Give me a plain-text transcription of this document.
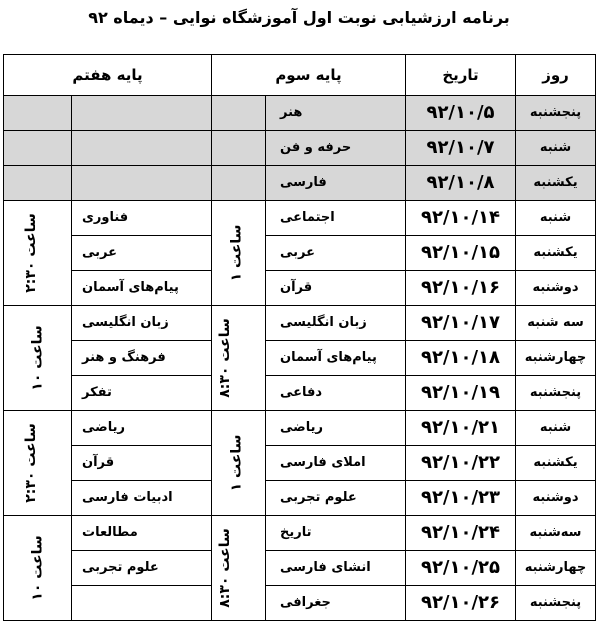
برنامه ارزشیابی نوبت اول آموزشگاه نوایی – دیماه ۹۲
روز	تاریخ	پایه سوم		پایه هفتم	
پنجشنبه	۹۲/۱۰/۵	هنر			
شنبه	۹۲/۱۰/۷	حرفه و فن			
یکشنبه	۹۲/۱۰/۸	فارسی			
شنبه	۹۲/۱۰/۱۴	اجتماعی	ساعت ۱	فناوری	ساعت ۲:۳۰
یکشنبه	۹۲/۱۰/۱۵	عربی		عربی	
دوشنبه	۹۲/۱۰/۱۶	قرآن		پیام‌های آسمان	
سه شنبه	۹۲/۱۰/۱۷	زبان انگلیسی	ساعت ۸:۳۰	زبان انگلیسی	ساعت ۱۰
چهارشنبه	۹۲/۱۰/۱۸	پیام‌های آسمان		فرهنگ و هنر	
پنجشنبه	۹۲/۱۰/۱۹	دفاعی		تفکر	
شنبه	۹۲/۱۰/۲۱	ریاضی	ساعت ۱	ریاضی	ساعت ۲:۳۰
یکشنبه	۹۲/۱۰/۲۲	املای فارسی		قرآن	
دوشنبه	۹۲/۱۰/۲۳	علوم تجربی		ادبیات فارسی	
سه‌شنبه	۹۲/۱۰/۲۴	تاریخ	ساعت ۸:۳۰	مطالعات	ساعت ۱۰
چهارشنبه	۹۲/۱۰/۲۵	انشای فارسی		علوم تجربی	
پنجشنبه	۹۲/۱۰/۲۶	جغرافی			
